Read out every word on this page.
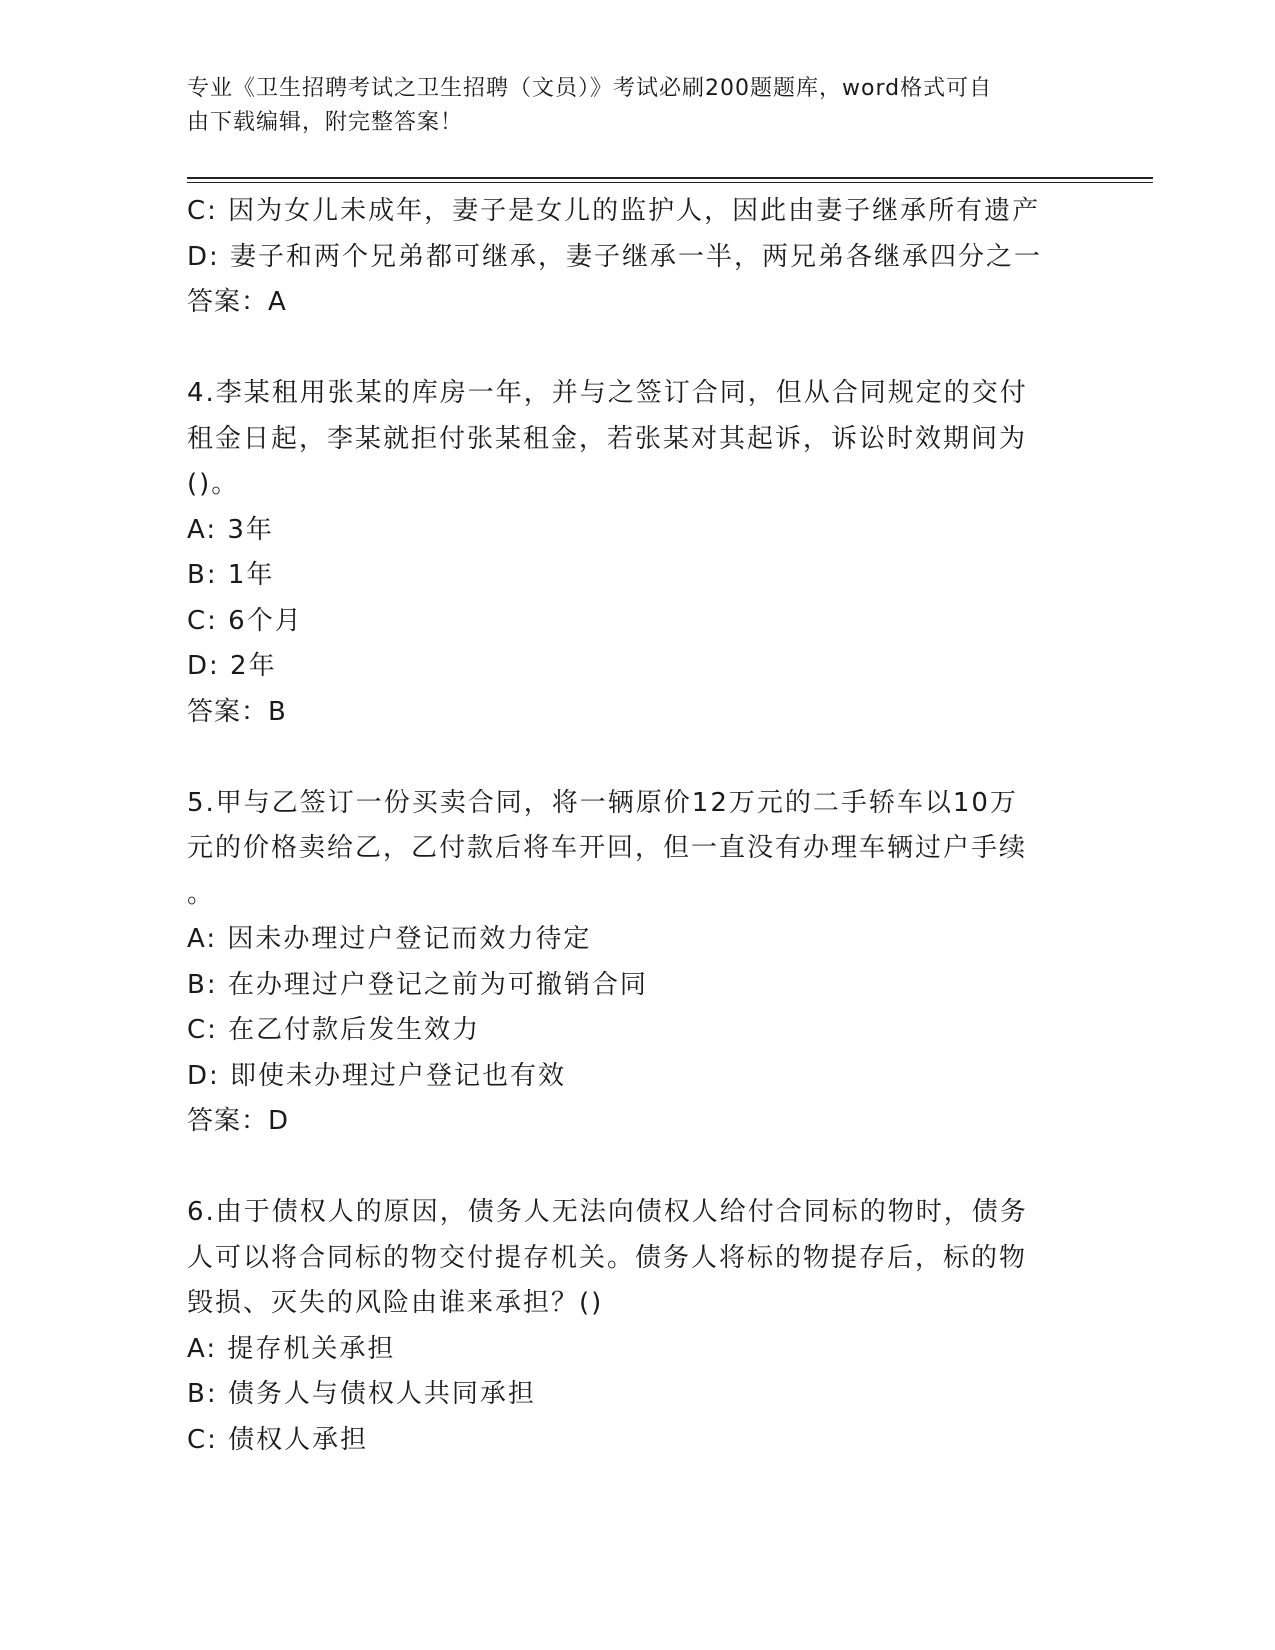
专业《卫生招聘考试之卫生招聘（文员）》考试必刷200题题库，word格式可自
由下载编辑，附完整答案！
C: 因为女儿未成年，妻子是女儿的监护人，因此由妻子继承所有遗产
D: 妻子和两个兄弟都可继承，妻子继承一半，两兄弟各继承四分之一
答案：A
4.李某租用张某的库房一年，并与之签订合同，但从合同规定的交付
租金日起，李某就拒付张某租金，若张某对其起诉，诉讼时效期间为
()。
A: 3年
B: 1年
C: 6个月
D: 2年
答案：B
5.甲与乙签订一份买卖合同，将一辆原价12万元的二手轿车以10万
元的价格卖给乙，乙付款后将车开回，但一直没有办理车辆过户手续
。
A: 因未办理过户登记而效力待定
B: 在办理过户登记之前为可撤销合同
C: 在乙付款后发生效力
D: 即使未办理过户登记也有效
答案：D
6.由于债权人的原因，债务人无法向债权人给付合同标的物时，债务
人可以将合同标的物交付提存机关。债务人将标的物提存后，标的物
毁损、灭失的风险由谁来承担？()
A: 提存机关承担
B: 债务人与债权人共同承担
C: 债权人承担
